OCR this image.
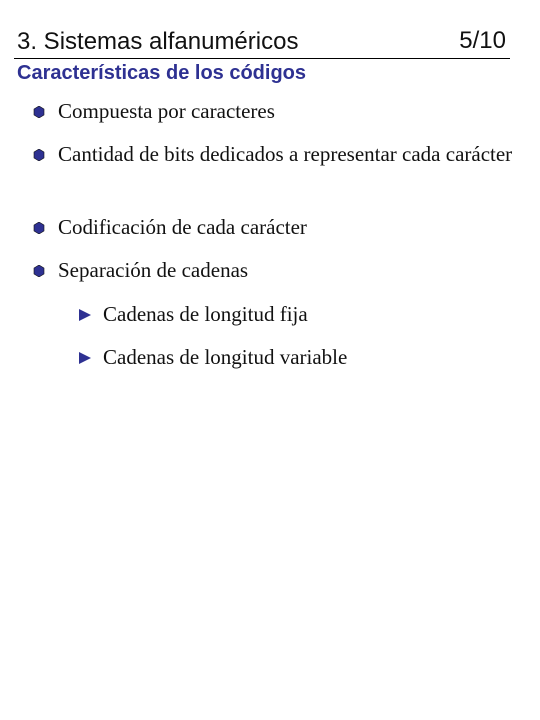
3. Sistemas alfanuméricos	5/10
Características de los códigos
Compuesta por caracteres
Cantidad de bits dedicados a representar cada carácter
Codificación de cada carácter
Separación de cadenas
Cadenas de longitud fija
Cadenas de longitud variable
